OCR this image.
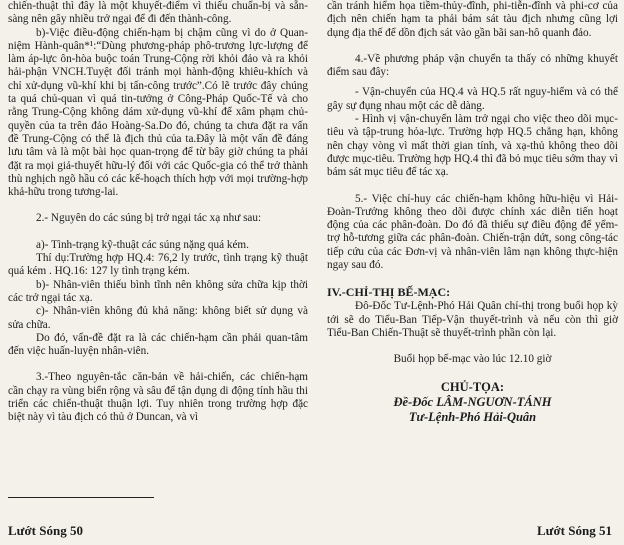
chiến-thuật thì đây là một khuyết-điểm vì thiếu chuẩn-bị và sẵn-sàng nên gây nhiều trở ngại để đi đến thành-công.

b)-Việc điều-động chiến-hạm bị chậm cũng vì do ở Quan-niệm Hành-quân*¹:“Dùng phương-pháp phô-trương lực-lượng để làm áp-lực ôn-hòa buộc toán Trung-Cộng rời khỏi đảo và ra khỏi hải-phận VNCH.Tuyệt đối tránh mọi hành-động khiêu-khích và chỉ xử-dụng vũ-khí khi bị tấn-công trước”.Có lẽ trước đây chúng ta quá chủ-quan vì quá tin-tưởng ở Công-Pháp Quốc-Tế và cho rằng Trung-Cộng không dám xử-dụng vũ-khí để xâm phạm chủ-quyền của ta trên đảo Hoàng-Sa.Do đó, chúng ta chưa đặt ra vấn đề Trung-Cộng có thể là địch thủ của ta.Đây là một vấn đề đáng lưu tâm và là một bài học quan-trọng để từ bây giờ chúng ta phải đặt ra mọi giả-thuyết hữu-lý đối với các Quốc-gia có thể trở thành thù nghịch ngõ hầu có các kế-hoạch thích hợp với mọi trường-hợp khả-hữu trong tương-lai.

2.- Nguyên do các súng bị trở ngại tác xạ như sau:

a)- Tình-trạng kỹ-thuật các súng nặng quá kém.

Thí dụ:Trường hợp HQ.4: 76,2 ly trước, tình trạng kỹ thuật quá kém . HQ.16: 127 ly tình trạng kém.

b)- Nhân-viên thiếu bình tĩnh nên không sửa chữa kịp thời các trở ngại tác xạ.

c)- Nhân-viên không đủ khả năng: không biết sử dụng và sửa chữa.

Do đó, vấn-đề đặt ra là các chiến-hạm cần phải quan-tâm đến việc huấn-luyện nhân-viên.

3.-Theo nguyên-tắc căn-bản về hải-chiến, các chiến-hạm cần chạy ra vùng biển rộng và sâu để tận dụng di động tính hầu thi triển các chiến-thuật thuận lợi. Tuy nhiên trong trường hợp đặc biệt này vì tàu địch có thủ ở Duncan, và vì

Lướt Sóng 50

cần tránh hiểm họa tiềm-thủy-đĩnh, phi-tiễn-đĩnh và phi-cơ của địch nên chiến hạm ta phải bám sát tàu địch nhưng cũng lợi dụng địa thế để dồn địch sát vào gần bãi san-hô quanh đảo.

4.-Về phương pháp vận chuyển ta thấy có những khuyết điểm sau đây:

- Vận-chuyển của HQ.4 và HQ.5 rất nguy-hiểm và có thể gây sự đụng nhau một các dễ dàng.

- Hình vị vận-chuyển làm trở ngại cho việc theo dõi mục-tiêu và tập-trung hỏa-lực. Trường hợp HQ.5 chẳng hạn, không nên chạy vòng vì mất thời gian tính, và xạ-thủ không theo dõi được mục-tiêu. Trường hợp HQ.4 thì đã bỏ mục tiêu sớm thay vì bám sát mục tiêu để tác xạ.

5.- Việc chỉ-huy các chiến-hạm không hữu-hiệu vì Hải-Đoàn-Trưởng không theo dõi được chính xác diễn tiến hoạt động của các phân-đoàn. Do đó đã thiếu sự điều động để yểm-trợ hỗ-tương giữa các phân-đoàn. Chiến-trận dứt, song công-tác tiếp cứu của các Đơn-vị và nhân-viên lâm nạn không thực-hiện ngay sau đó.

IV.-CHỈ-THỊ BẾ-MẠC:

Đô-Đốc Tư-Lệnh-Phó Hải Quân chỉ-thị trong buổi họp kỳ tới sẽ do Tiểu-Ban Tiếp-Vận thuyết-trình và nếu còn thì giờ Tiểu-Ban Chiến-Thuật sẽ thuyết-trình phần còn lại.

Buổi họp bế-mạc vào lúc 12.10 giờ

CHỦ-TỌA:
Đề-Đốc LÂM-NGUƠN-TÁNH
Tư-Lệnh-Phó Hải-Quân
Lướt Sóng 51
